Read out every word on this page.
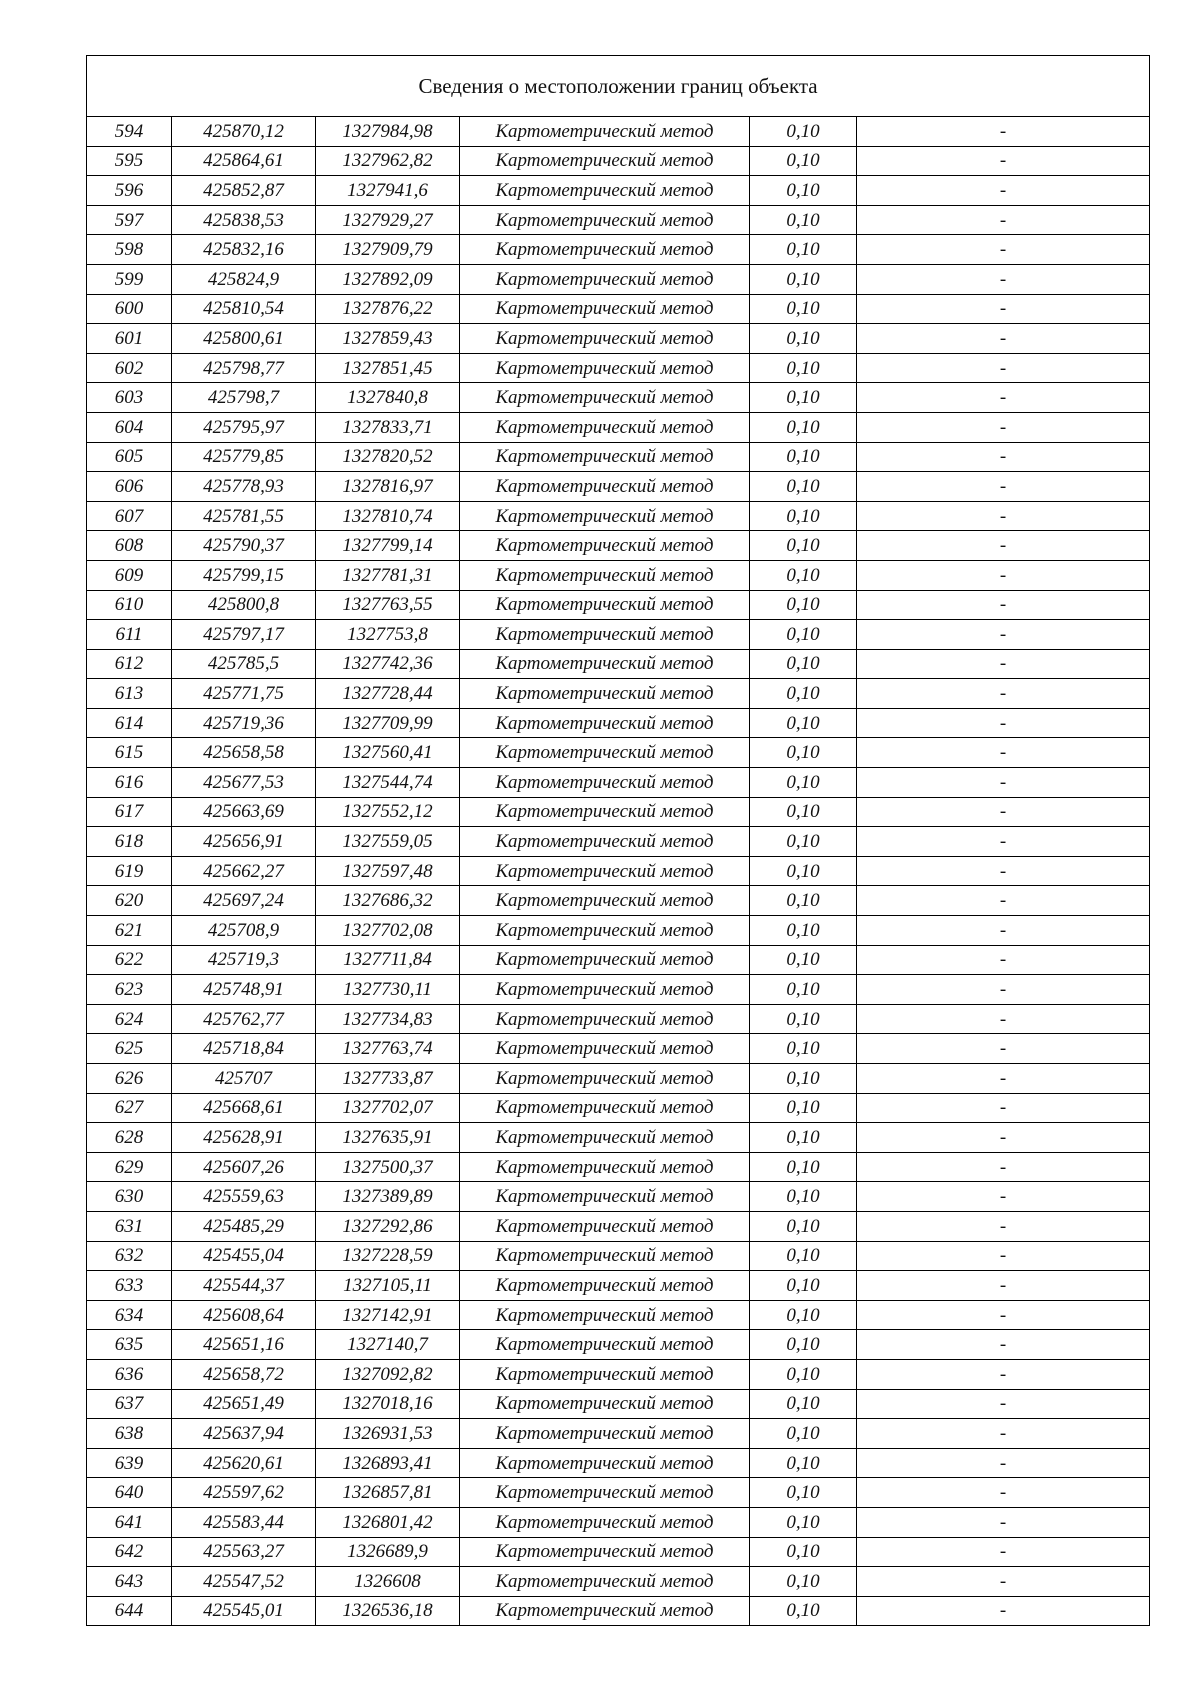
Сведения о местоположении границ объекта					
594	425870,12	1327984,98	Картометрический метод	0,10	-
595	425864,61	1327962,82	Картометрический метод	0,10	-
596	425852,87	1327941,6	Картометрический метод	0,10	-
597	425838,53	1327929,27	Картометрический метод	0,10	-
598	425832,16	1327909,79	Картометрический метод	0,10	-
599	425824,9	1327892,09	Картометрический метод	0,10	-
600	425810,54	1327876,22	Картометрический метод	0,10	-
601	425800,61	1327859,43	Картометрический метод	0,10	-
602	425798,77	1327851,45	Картометрический метод	0,10	-
603	425798,7	1327840,8	Картометрический метод	0,10	-
604	425795,97	1327833,71	Картометрический метод	0,10	-
605	425779,85	1327820,52	Картометрический метод	0,10	-
606	425778,93	1327816,97	Картометрический метод	0,10	-
607	425781,55	1327810,74	Картометрический метод	0,10	-
608	425790,37	1327799,14	Картометрический метод	0,10	-
609	425799,15	1327781,31	Картометрический метод	0,10	-
610	425800,8	1327763,55	Картометрический метод	0,10	-
611	425797,17	1327753,8	Картометрический метод	0,10	-
612	425785,5	1327742,36	Картометрический метод	0,10	-
613	425771,75	1327728,44	Картометрический метод	0,10	-
614	425719,36	1327709,99	Картометрический метод	0,10	-
615	425658,58	1327560,41	Картометрический метод	0,10	-
616	425677,53	1327544,74	Картометрический метод	0,10	-
617	425663,69	1327552,12	Картометрический метод	0,10	-
618	425656,91	1327559,05	Картометрический метод	0,10	-
619	425662,27	1327597,48	Картометрический метод	0,10	-
620	425697,24	1327686,32	Картометрический метод	0,10	-
621	425708,9	1327702,08	Картометрический метод	0,10	-
622	425719,3	1327711,84	Картометрический метод	0,10	-
623	425748,91	1327730,11	Картометрический метод	0,10	-
624	425762,77	1327734,83	Картометрический метод	0,10	-
625	425718,84	1327763,74	Картометрический метод	0,10	-
626	425707	1327733,87	Картометрический метод	0,10	-
627	425668,61	1327702,07	Картометрический метод	0,10	-
628	425628,91	1327635,91	Картометрический метод	0,10	-
629	425607,26	1327500,37	Картометрический метод	0,10	-
630	425559,63	1327389,89	Картометрический метод	0,10	-
631	425485,29	1327292,86	Картометрический метод	0,10	-
632	425455,04	1327228,59	Картометрический метод	0,10	-
633	425544,37	1327105,11	Картометрический метод	0,10	-
634	425608,64	1327142,91	Картометрический метод	0,10	-
635	425651,16	1327140,7	Картометрический метод	0,10	-
636	425658,72	1327092,82	Картометрический метод	0,10	-
637	425651,49	1327018,16	Картометрический метод	0,10	-
638	425637,94	1326931,53	Картометрический метод	0,10	-
639	425620,61	1326893,41	Картометрический метод	0,10	-
640	425597,62	1326857,81	Картометрический метод	0,10	-
641	425583,44	1326801,42	Картометрический метод	0,10	-
642	425563,27	1326689,9	Картометрический метод	0,10	-
643	425547,52	1326608	Картометрический метод	0,10	-
644	425545,01	1326536,18	Картометрический метод	0,10	-
